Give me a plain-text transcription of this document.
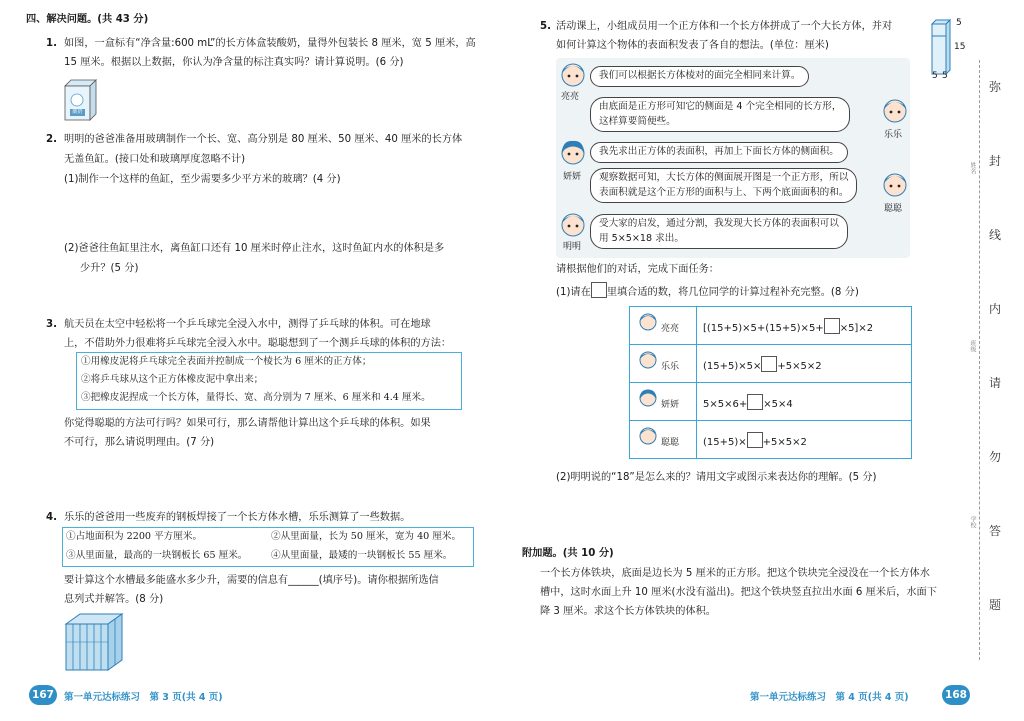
四、解决问题。(共 43 分)
1. 如图，一盒标有“净含量:600 mL”的长方体盒装酸奶，量得外包装长 8 厘米，宽 5 厘米，高
15 厘米。根据以上数据，你认为净含量的标注真实吗？请计算说明。(6 分)
酸奶
2. 明明的爸爸准备用玻璃制作一个长、宽、高分别是 80 厘米、50 厘米、40 厘米的长方体
无盖鱼缸。(接口处和玻璃厚度忽略不计)
(1)制作一个这样的鱼缸，至少需要多少平方米的玻璃？(4 分)
(2)爸爸往鱼缸里注水，离鱼缸口还有 10 厘米时停止注水，这时鱼缸内水的体积是多
少升？(5 分)
3. 航天员在太空中轻松将一个乒乓球完全浸入水中，测得了乒乓球的体积。可在地球
上，不借助外力很难将乒乓球完全浸入水中。聪聪想到了一个测乒乓球的体积的方法：
①用橡皮泥将乒乓球完全表面并控制成一个棱长为 6 厘米的正方体；
②将乒乓球从这个正方体橡皮泥中拿出来；
③把橡皮泥捏成一个长方体，量得长、宽、高分别为 7 厘米、6 厘米和 4.4 厘米。
你觉得聪聪的方法可行吗？如果可行，那么请帮他计算出这个乒乓球的体积。如果
不可行，那么请说明理由。(7 分)
4. 乐乐的爸爸用一些废弃的钢板焊接了一个长方体水槽，乐乐测算了一些数据。
①占地面积为 2200 平方厘米。	②从里面量，长为 50 厘米，宽为 40 厘米。
③从里面量，最高的一块钢板长 65 厘米。 ④从里面量，最矮的一块钢板长 55 厘米。
要计算这个水槽最多能盛水多少升，需要的信息有______(填序号)。请你根据所选信
息列式并解答。(8 分)
167	第一单元达标练习　第 3 页(共 4 页)
5. 活动课上，小组成员用一个正方体和一个长方体拼成了一个大长方体，并对
如何计算这个物体的表面积发表了各自的想法。(单位：厘米)
5
15
5 5
亮亮
我们可以根据长方体棱对的面完全相同来计算。
乐乐
由底面是正方形可知它的侧面是 4 个完全相同的长方形，
这样算要简便些。
妍妍
我先求出正方体的表面积，再加上下面长方体的侧面积。
聪聪
观察数据可知，大长方体的侧面展开图是一个正方形，所以
表面积就是这个正方形的面积与上、下两个底面面积的和。
明明
受大家的启发，通过分割，我发现大长方体的表面积可以
用 5×5×18 求出。
请根据他们的对话，完成下面任务：
(1)请在 里填合适的数，将几位同学的计算过程补充完整。(8 分)
亮亮	[(15+5)×5+(15+5)×5+ ×5]×2

乐乐	(15+5)×5× +5×5×2

妍妍	5×5×6+ ×5×4

聪聪	(15+5)× +5×5×2
(2)明明说的“18”是怎么来的？请用文字或图示来表达你的理解。(5 分)
附加题。(共 10 分)
一个长方体铁块，底面是边长为 5 厘米的正方形。把这个铁块完全浸没在一个长方体水
槽中，这时水面上升 10 厘米(水没有溢出)。把这个铁块竖直拉出水面 6 厘米后，水面下
降 3 厘米。求这个长方体铁块的体积。
第一单元达标练习　第 4 页(共 4 页)	168
弥
封
线
内
请
勿
答
题
姓名
班级
学校
